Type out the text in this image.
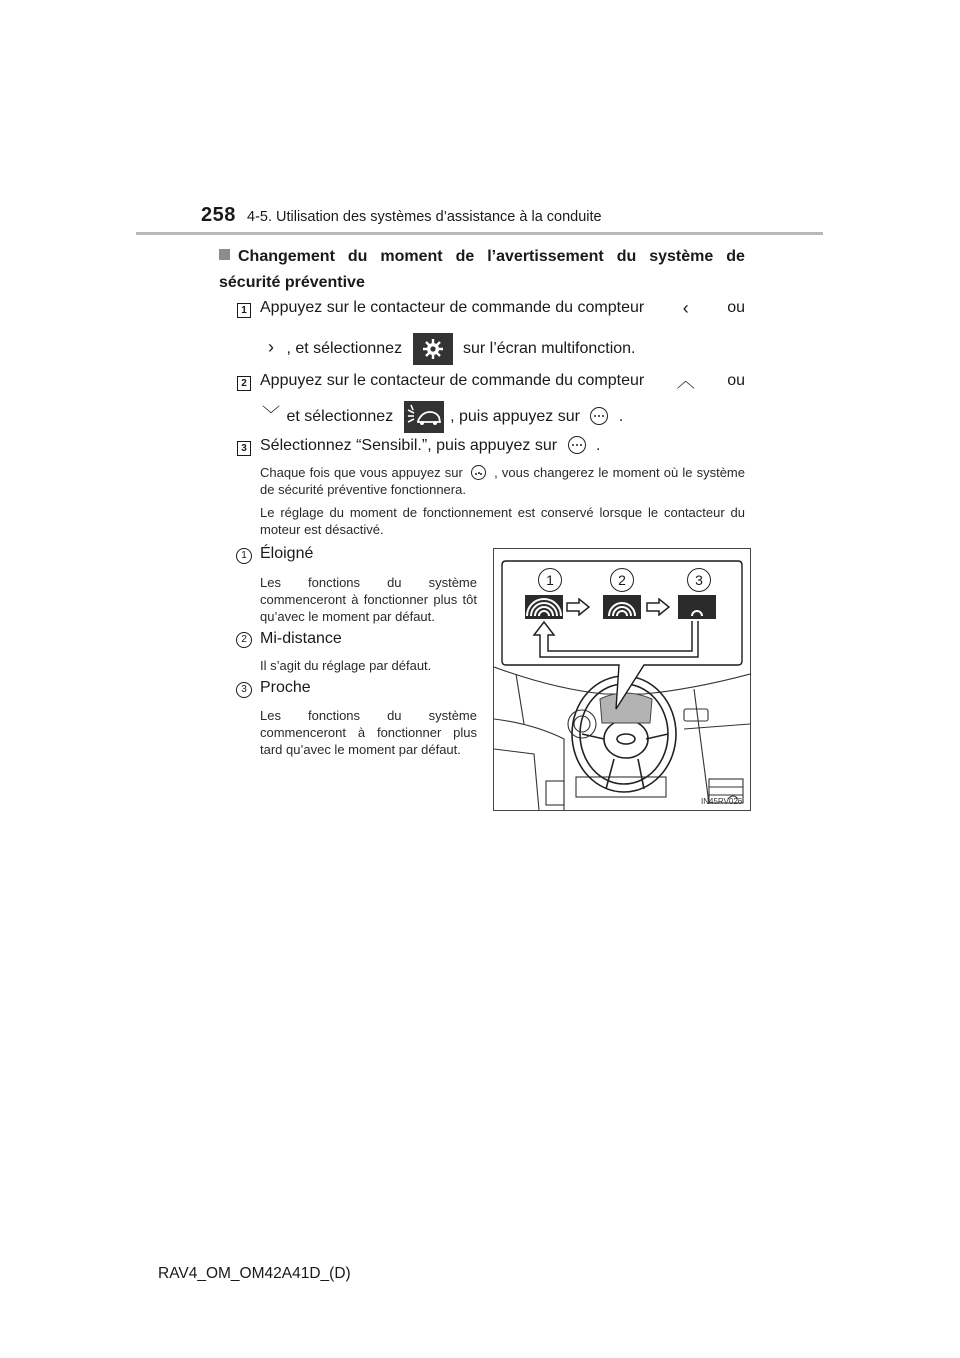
258 4-5. Utilisation des systèmes d’assistance à la conduite
Changement du moment de l’avertissement du système de
sécurité préventive
1 Appuyez sur le contacteur de commande du compteur	‹	ou
› , et sélectionnez	sur l’écran multifonction.
2 Appuyez sur le contacteur de commande du compteur ︿ ou
﹀ et sélectionnez	, puis appuyez sur .
3 Sélectionnez “Sensibil.”, puis appuyez sur .
Chaque fois que vous appuyez sur , vous changerez le moment où le système de sécurité préventive fonctionnera.
Le réglage du moment de fonctionnement est conservé lorsque le contacteur du moteur est désactivé.
1 Éloigné
Les fonctions du système commenceront à fonctionner plus tôt qu’avec le moment par défaut.
2 Mi-distance
Il s’agit du réglage par défaut.
3 Proche
Les fonctions du système commenceront à fonctionner plus tard qu’avec le moment par défaut.
1	2	3
IN45RV026
RAV4_OM_OM42A41D_(D)
